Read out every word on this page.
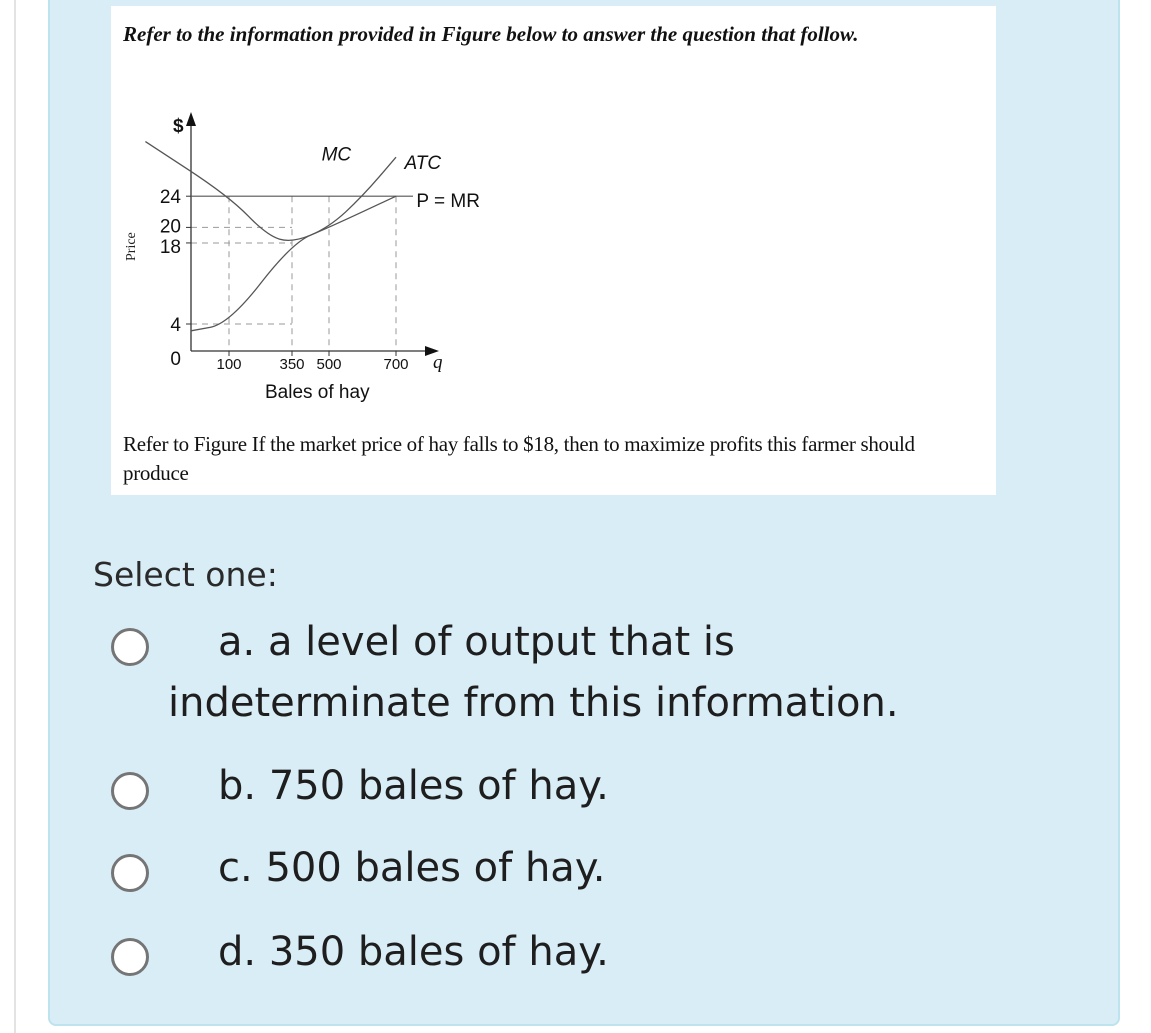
Refer to the information provided in Figure below to answer the question that follow.
MC	ATC
P = MR
0
4
18
20
24
100	350 500	700
$
q
Price
Bales of hay
Refer to Figure If the market price of hay falls to $18, then to maximize profits this farmer should produce
Select one:
a. a level of output that is
indeterminate from this information.
b. 750 bales of hay.
c. 500 bales of hay.
d. 350 bales of hay.
